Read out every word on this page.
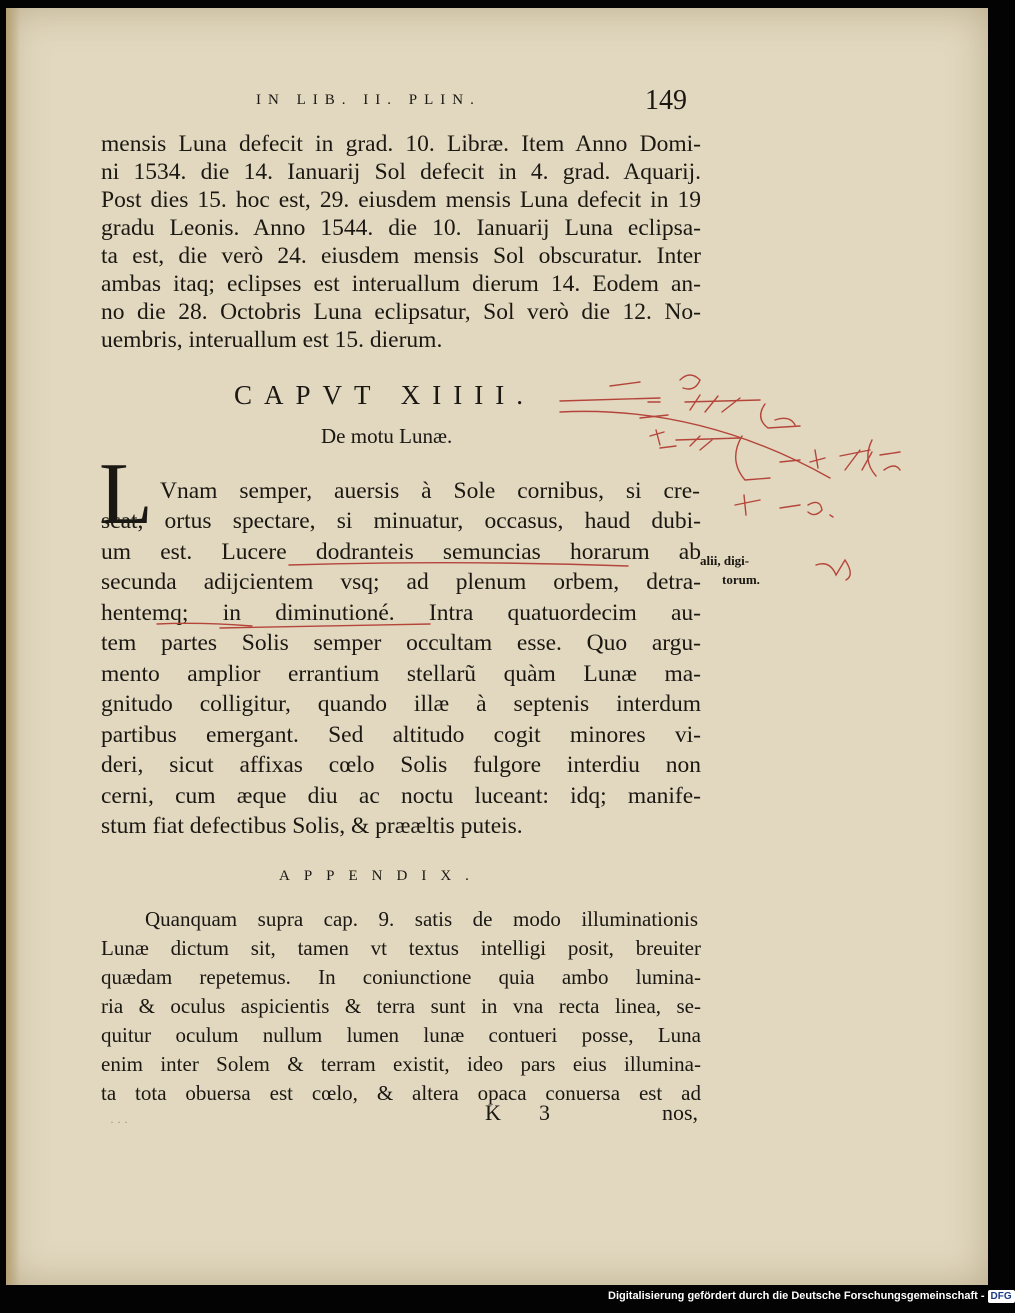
IN LIB. II. PLIN.	149
mensis Luna defecit in grad. 10. Libræ. Item Anno Domi-
ni 1534. die 14. Ianuarij Sol defecit in 4. grad. Aquarij.
Post dies 15. hoc est, 29. eiusdem mensis Luna defecit in 19
gradu Leonis. Anno 1544. die 10. Ianuarij Luna eclipsa-
ta est, die verò 24. eiusdem mensis Sol obscuratur. Inter
ambas itaq; eclipses est interuallum dierum 14. Eodem an-
no die 28. Octobris Luna eclipsatur, Sol verò die 12. No-
uembris, interuallum est 15. dierum.
CAPVT XIIII.
De motu Lunæ.
L Vnam semper, auersis à Sole cornibus, si cre-
scat, ortus spectare, si minuatur, occasus, haud dubi-
um est. Lucere dodranteis semuncias horarum ab
secunda adijcientem vsq; ad plenum orbem, detra-
hentemq; in diminutioné. Intra quatuordecim au-
tem partes Solis semper occultam esse. Quo argu-
mento amplior errantium stellarũ quàm Lunæ ma-
gnitudo colligitur, quando illæ à septenis interdum
partibus emergant. Sed altitudo cogit minores vi-
deri, sicut affixas cœlo Solis fulgore interdiu non
cerni, cum æque diu ac noctu luceant: idq; manife-
stum fiat defectibus Solis, & prææltis puteis.
alii, digi-
torum.
APPENDIX.
Quanquam supra cap. 9. satis de modo illuminationis
Lunæ dictum sit, tamen vt textus intelligi posit, breuiter
quædam repetemus. In coniunctione quia ambo lumina-
ria & oculus aspicientis & terra sunt in vna recta linea, se-
quitur oculum nullum lumen lunæ contueri posse, Luna
enim inter Solem & terram existit, ideo pars eius illumina-
ta tota obuersa est cœlo, & altera opaca conuersa est ad
K 3	nos,
· · ·
Digitalisierung gefördert durch die Deutsche Forschungsgemeinschaft - DFG
